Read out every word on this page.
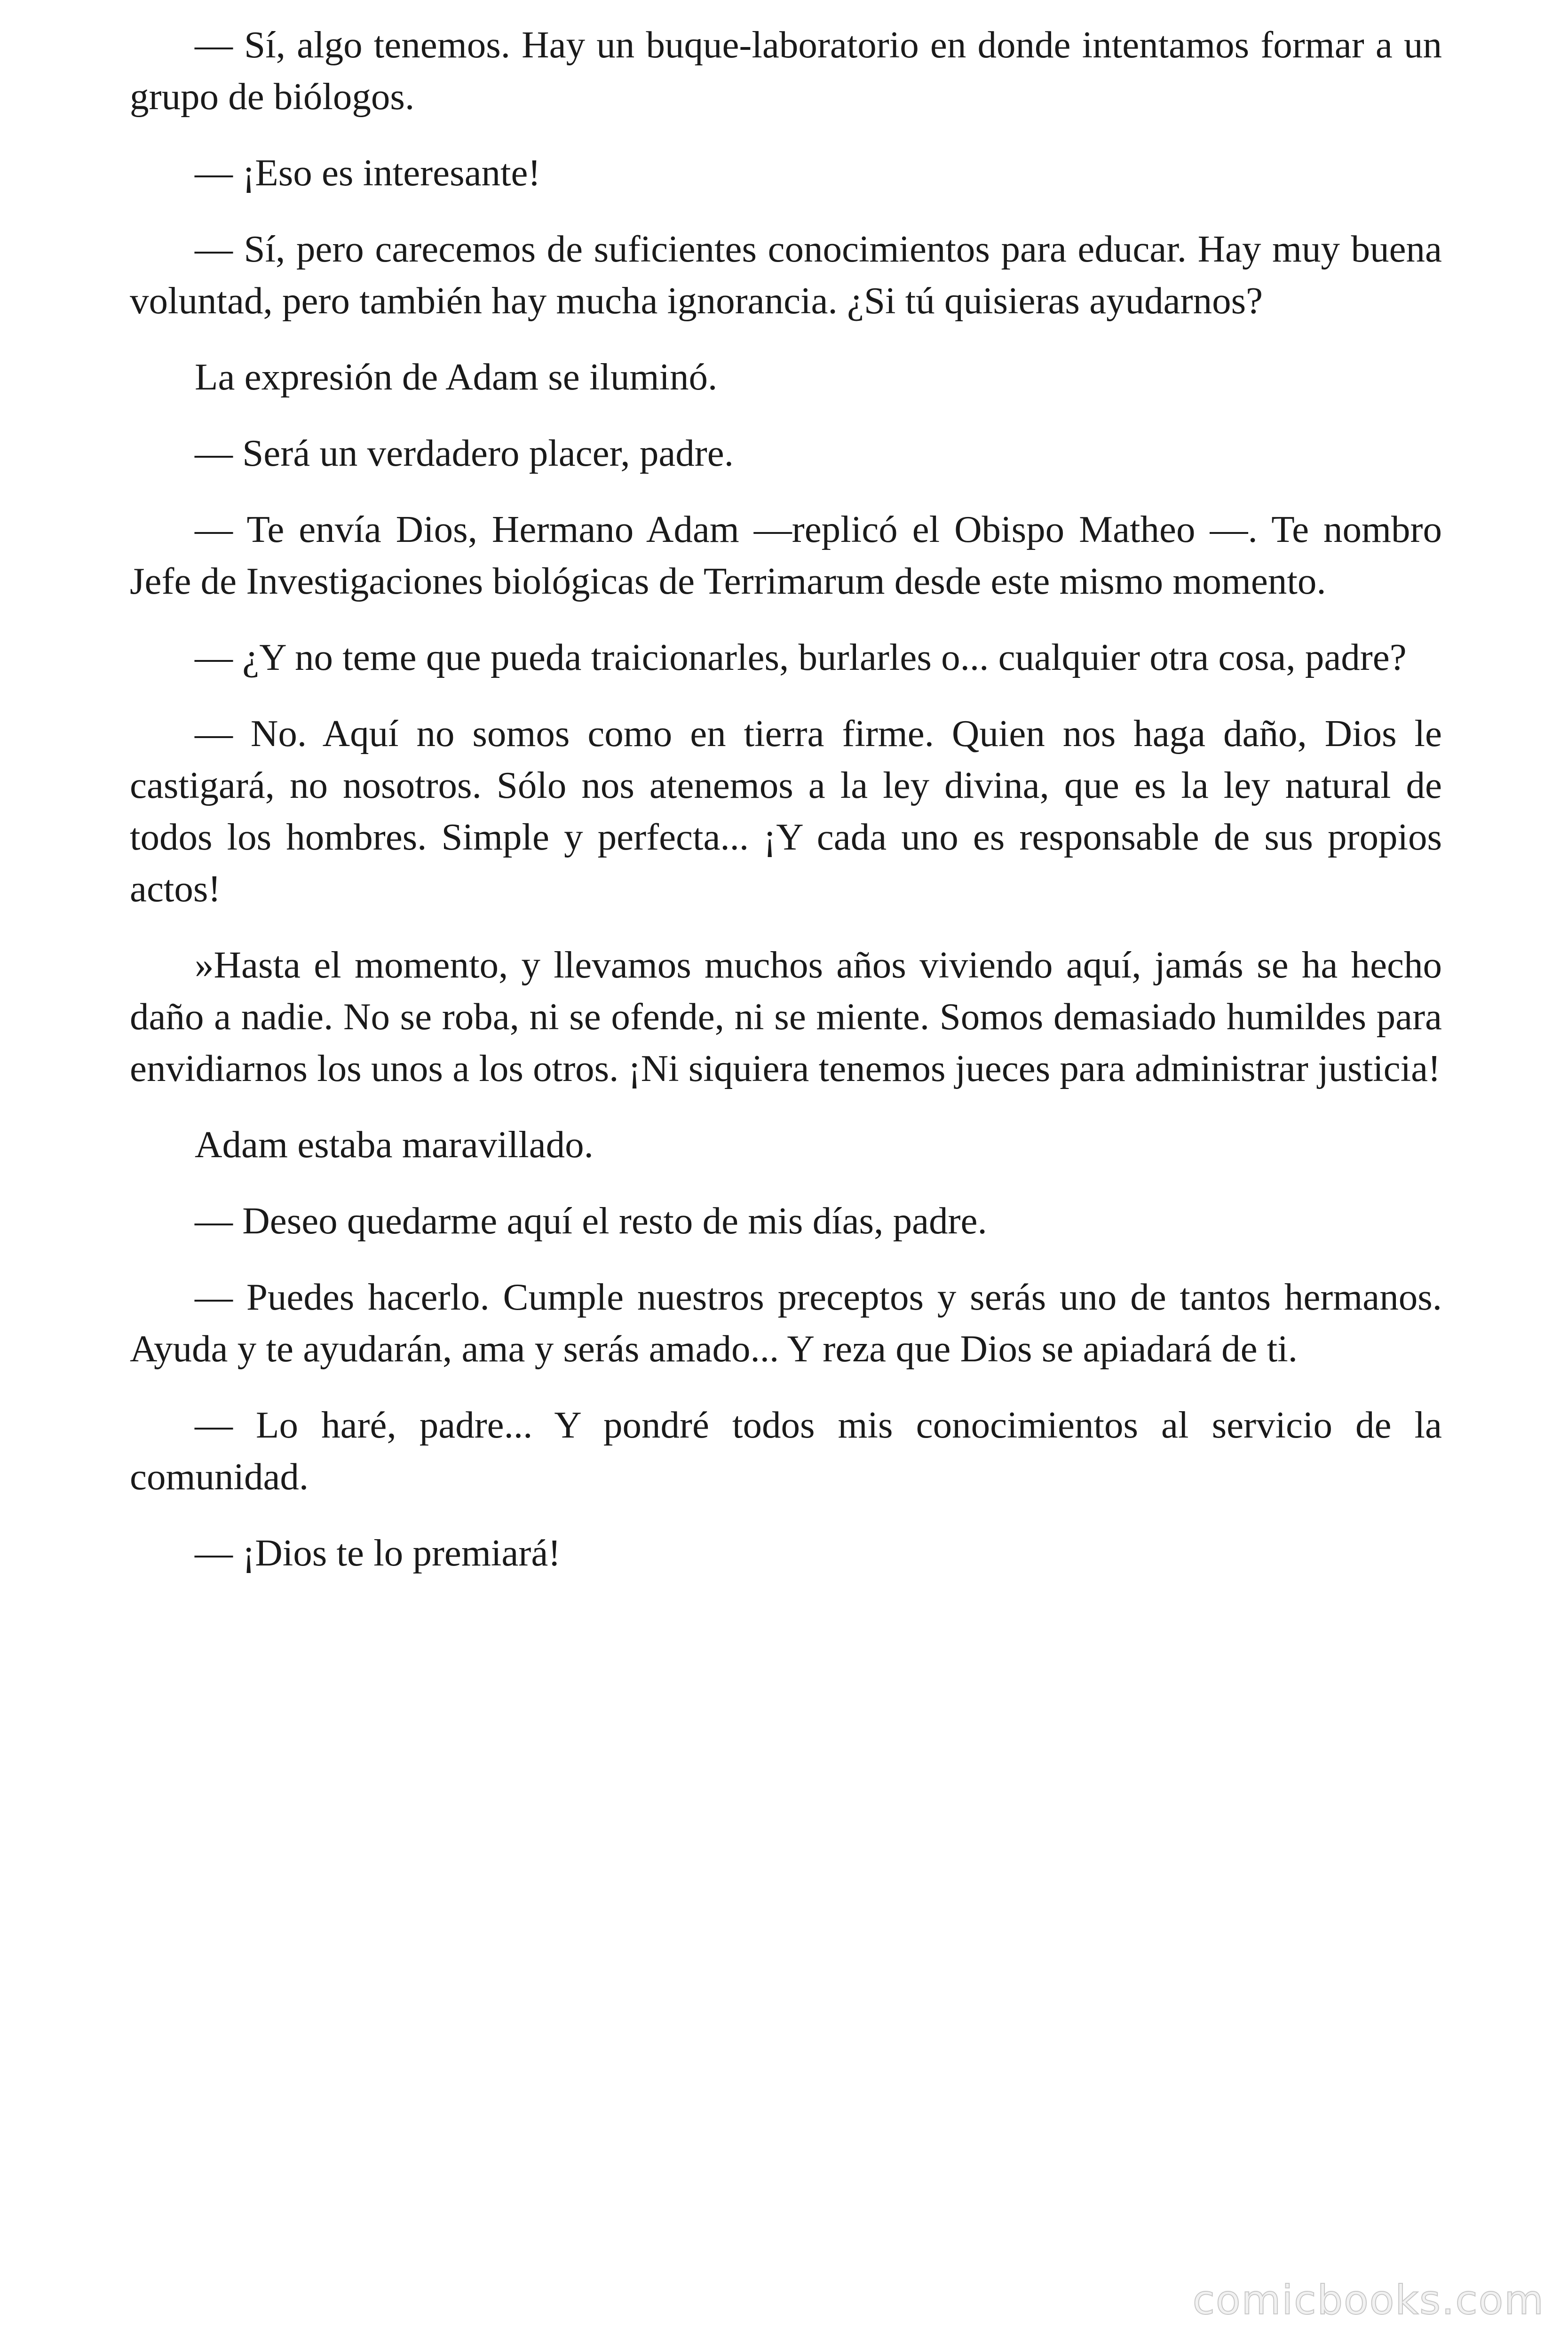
— Sí, algo tenemos. Hay un buque-laboratorio en donde intentamos formar a un grupo de biólogos.

— ¡Eso es interesante!

— Sí, pero carecemos de suficientes conocimientos para educar. Hay muy buena voluntad, pero también hay mucha ignorancia. ¿Si tú quisieras ayudarnos?

La expresión de Adam se iluminó.

— Será un verdadero placer, padre.

— Te envía Dios, Hermano Adam —replicó el Obispo Matheo —. Te nombro Jefe de Investigaciones biológicas de Terrimarum desde este mismo momento.

— ¿Y no teme que pueda traicionarles, burlarles o... cualquier otra cosa, padre?

— No. Aquí no somos como en tierra firme. Quien nos haga daño, Dios le castigará, no nosotros. Sólo nos atenemos a la ley divina, que es la ley natural de todos los hombres. Simple y perfecta... ¡Y cada uno es responsable de sus propios actos!

»Hasta el momento, y llevamos muchos años viviendo aquí, jamás se ha hecho daño a nadie. No se roba, ni se ofende, ni se miente. Somos demasiado humildes para envidiarnos los unos a los otros. ¡Ni siquiera tenemos jueces para administrar justicia!

Adam estaba maravillado.

— Deseo quedarme aquí el resto de mis días, padre.

— Puedes hacerlo. Cumple nuestros preceptos y serás uno de tantos hermanos. Ayuda y te ayudarán, ama y serás amado... Y reza que Dios se apiadará de ti.

— Lo haré, padre... Y pondré todos mis conocimientos al servicio de la comunidad.

— ¡Dios te lo premiará!

comicbooks.com
